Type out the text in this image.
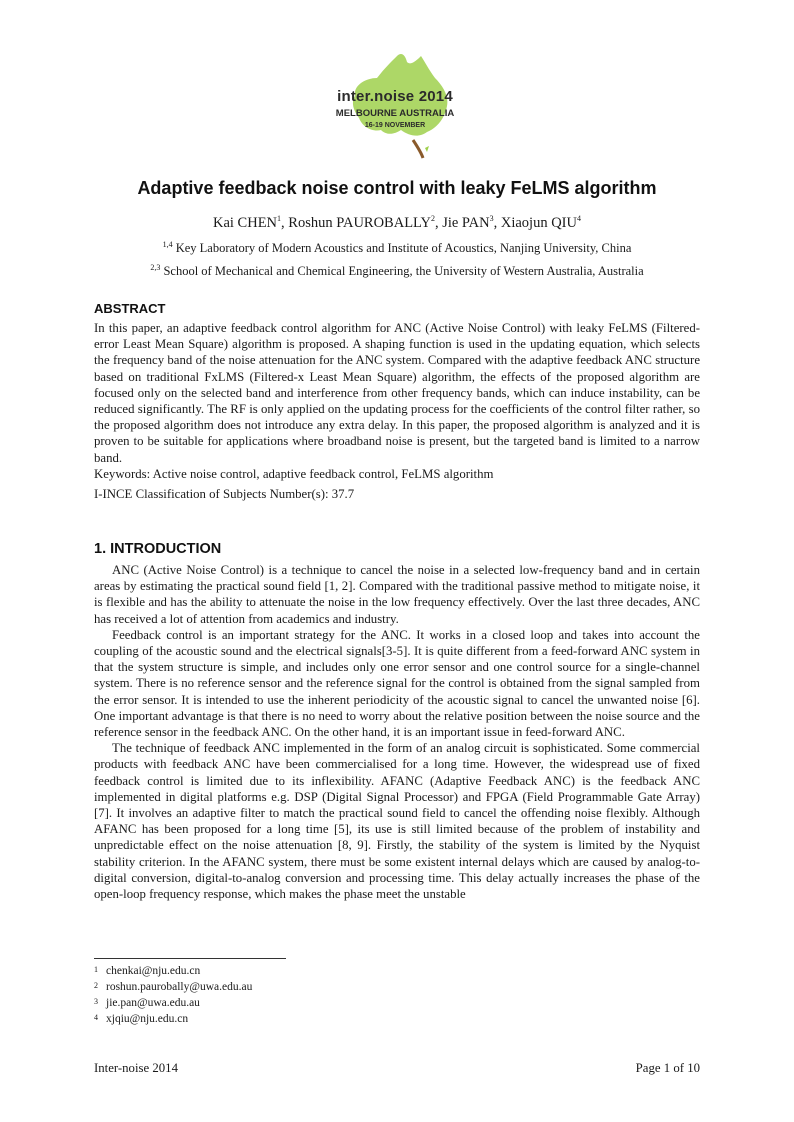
inter.noise 2014
MELBOURNE AUSTRALIA
16-19 NOVEMBER
Adaptive feedback noise control with leaky FeLMS algorithm
Kai CHEN$^1$, Roshun PAUROBALLY$^2$, Jie PAN$^3$, Xiaojun QIU$^4$
$^{1,4}$ Key Laboratory of Modern Acoustics and Institute of Acoustics, Nanjing University, China
$^{2,3}$ School of Mechanical and Chemical Engineering, the University of Western Australia, Australia
ABSTRACT
In this paper, an adaptive feedback control algorithm for ANC (Active Noise Control) with leaky FeLMS (Filtered-error Least Mean Square) algorithm is proposed. A shaping function is used in the updating equation, which selects the frequency band of the noise attenuation for the ANC system. Compared with the adaptive feedback ANC structure based on traditional FxLMS (Filtered-x Least Mean Square) algorithm, the effects of the proposed algorithm are focused only on the selected band and interference from other frequency bands, which can induce instability, can be reduced significantly. The RF is only applied on the updating process for the coefficients of the control filter rather, so the proposed algorithm does not introduce any extra delay. In this paper, the proposed algorithm is analyzed and it is proven to be suitable for applications where broadband noise is present, but the targeted band is limited to a narrow band.
Keywords: Active noise control, adaptive feedback control, FeLMS algorithm
I-INCE Classification of Subjects Number(s): 37.7
1. INTRODUCTION

ANC (Active Noise Control) is a technique to cancel the noise in a selected low-frequency band and in certain areas by estimating the practical sound field [1, 2]. Compared with the traditional passive method to mitigate noise, it is flexible and has the ability to attenuate the noise in the low frequency effectively. Over the last three decades, ANC has received a lot of attention from academics and industry.

Feedback control is an important strategy for the ANC. It works in a closed loop and takes into account the coupling of the acoustic sound and the electrical signals[3-5]. It is quite different from a feed-forward ANC system in that the system structure is simple, and includes only one error sensor and one control source for a single-channel system. There is no reference sensor and the reference signal for the control is obtained from the signal sampled from the error sensor. It is intended to use the inherent periodicity of the acoustic signal to cancel the unwanted noise [6]. One important advantage is that there is no need to worry about the relative position between the noise source and the reference sensor in the feedback ANC. On the other hand, it is an important issue in feed-forward ANC.

The technique of feedback ANC implemented in the form of an analog circuit is sophisticated. Some commercial products with feedback ANC have been commercialised for a long time. However, the widespread use of fixed feedback control is limited due to its inflexibility. AFANC (Adaptive Feedback ANC) is the feedback ANC implemented in digital platforms e.g. DSP (Digital Signal Processor) and FPGA (Field Programmable Gate Array) [7]. It involves an adaptive filter to match the practical sound field to cancel the offending noise flexibly. Although AFANC has been proposed for a long time [5], its use is still limited because of the problem of instability and unpredictable effect on the noise attenuation [8, 9]. Firstly, the stability of the system is limited by the Nyquist stability criterion. In the AFANC system, there must be some existent internal delays which are caused by analog-to-digital conversion, digital-to-analog conversion and processing time. This delay actually increases the phase of the open-loop frequency response, which makes the phase meet the unstable

1 chenkai@nju.edu.cn
2 roshun.paurobally@uwa.edu.au
3 jie.pan@uwa.edu.au
4 xjqiu@nju.edu.cn
Inter-noise 2014	Page 1 of 10
